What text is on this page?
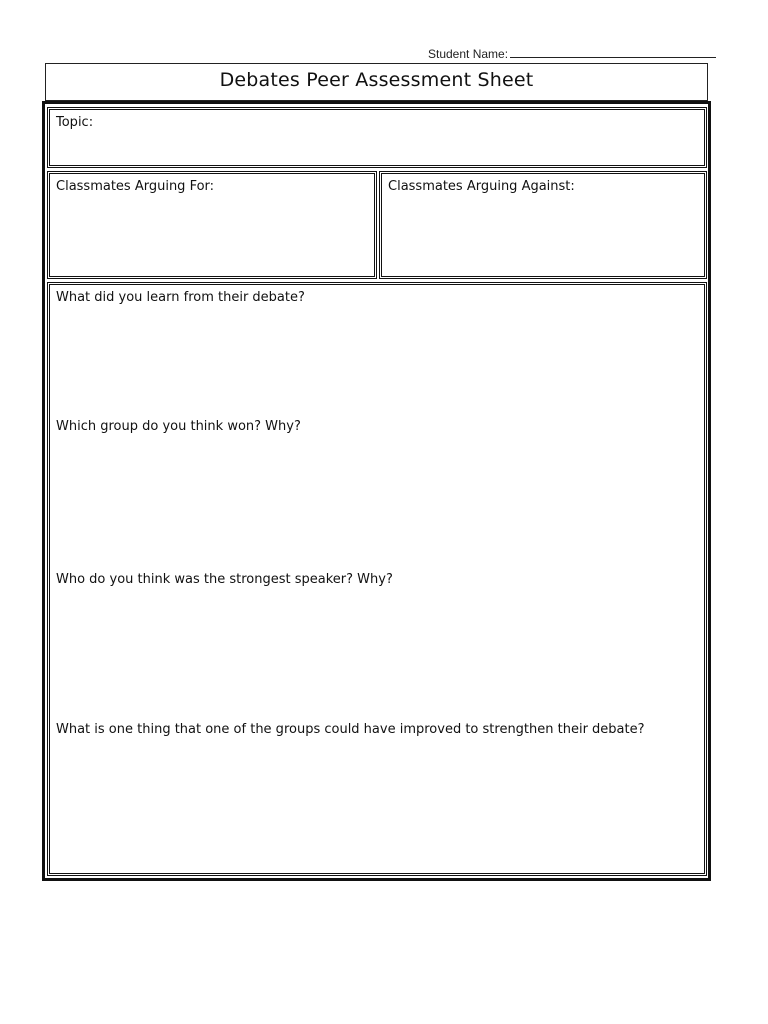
Student Name:
Debates Peer Assessment Sheet
Topic:
Classmates Arguing For:	Classmates Arguing Against:
What did you learn from their debate?
Which group do you think won? Why?
Who do you think was the strongest speaker? Why?
What is one thing that one of the groups could have improved to strengthen their debate?
